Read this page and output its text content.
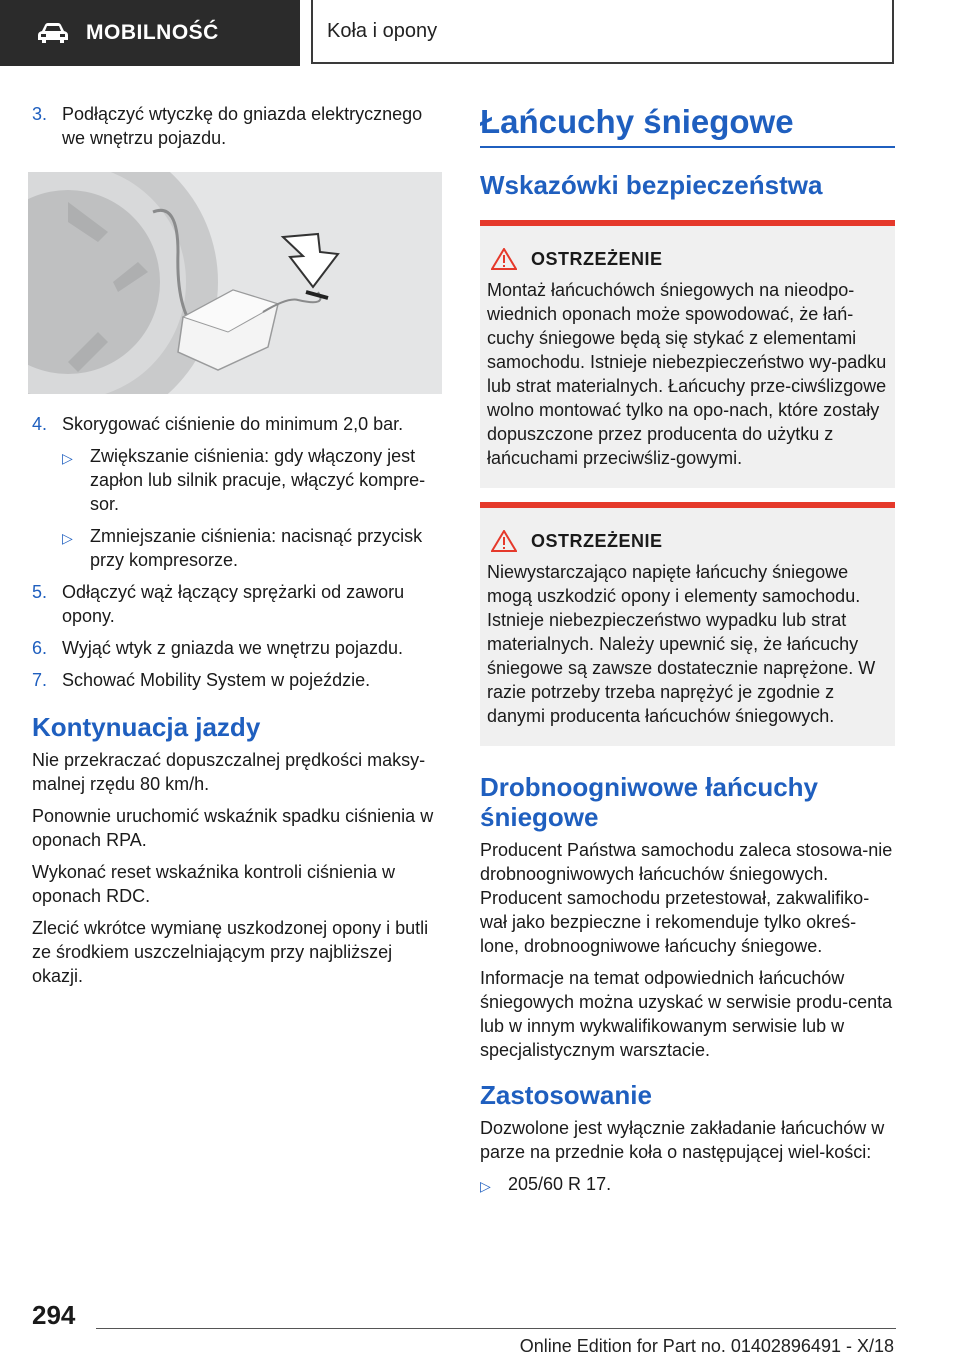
MOBILNOŚĆ	Koła i opony
3. Podłączyć wtyczkę do gniazda elektrycznego we wnętrzu pojazdu.
4. Skorygować ciśnienie do minimum 2,0 bar.
▷ Zwiększanie ciśnienia: gdy włączony jest zapłon lub silnik pracuje, włączyć kompre-sor.
▷ Zmniejszanie ciśnienia: nacisnąć przycisk przy kompresorze.
5. Odłączyć wąż łączący sprężarki od zaworu opony.
6. Wyjąć wtyk z gniazda we wnętrzu pojazdu.
7. Schować Mobility System w pojeździe.
Kontynuacja jazdy

Nie przekraczać dopuszczalnej prędkości maksy-malnej rzędu 80 km/h.

Ponownie uruchomić wskaźnik spadku ciśnienia w oponach RPA.

Wykonać reset wskaźnika kontroli ciśnienia w oponach RDC.

Zlecić wkrótce wymianę uszkodzonej opony i butli ze środkiem uszczelniającym przy najbliższej okazji.

Łańcuchy śniegowe
Wskazówki bezpieczeństwa
OSTRZEŻENIE
Montaż łańcuchówch śniegowych na nieodpo-wiednich oponach może spowodować, że łań-cuchy śniegowe będą się stykać z elementami samochodu. Istnieje niebezpieczeństwo wy-padku lub strat materialnych. Łańcuchy prze-ciwślizgowe wolno montować tylko na opo-nach, które zostały dopuszczone przez producenta do użytku z łańcuchami przeciwśliz-gowymi.
OSTRZEŻENIE
Niewystarczająco napięte łańcuchy śniegowe mogą uszkodzić opony i elementy samochodu. Istnieje niebezpieczeństwo wypadku lub strat materialnych. Należy upewnić się, że łańcuchy śniegowe są zawsze dostatecznie naprężone. W razie potrzeby trzeba naprężyć je zgodnie z danymi producenta łańcuchów śniegowych.
Drobnoogniwowe łańcuchy śniegowe

Producent Państwa samochodu zaleca stosowa-nie drobnoogniwowych łańcuchów śniegowych. Producent samochodu przetestował, zakwalifiko-wał jako bezpieczne i rekomenduje tylko okreś-lone, drobnoogniwowe łańcuchy śniegowe.

Informacje na temat odpowiednich łańcuchów śniegowych można uzyskać w serwisie produ-centa lub w innym wykwalifikowanym serwisie lub w specjalistycznym warsztacie.

Zastosowanie

Dozwolone jest wyłącznie zakładanie łańcuchów w parze na przednie koła o następującej wiel-kości:

▷ 205/60 R 17.
294
Online Edition for Part no. 01402896491 - X/18
